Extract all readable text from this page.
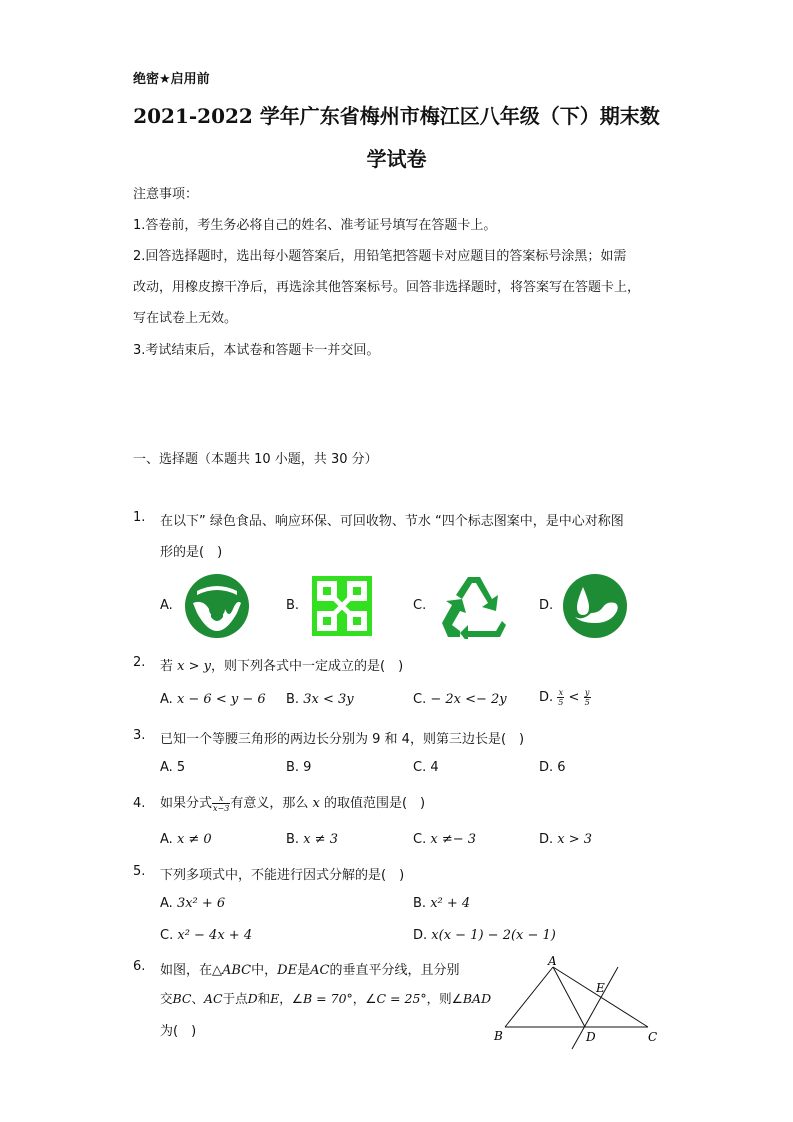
绝密★启用前
2021-2022 学年广东省梅州市梅江区八年级（下）期末数
学试卷
注意事项：
1.答卷前，考生务必将自己的姓名、准考证号填写在答题卡上。
2.回答选择题时，选出每小题答案后，用铅笔把答题卡对应题目的答案标号涂黑；如需
改动，用橡皮擦干净后，再选涂其他答案标号。回答非选择题时，将答案写在答题卡上，
写在试卷上无效。
3.考试结束后，本试卷和答题卡一并交回。
一、选择题（本题共 10 小题，共 30 分）
1. 在以下” 绿色食品、响应环保、可回收物、节水 “四个标志图案中，是中心对称图
形的是(　)
A.	B.	C.	D.
2. 若 x > y，则下列各式中一定成立的是(　)
A. x − 6 < y − 6 B. 3x < 3y	C. − 2x <− 2y D. $\frac{x}{5} < \frac{y}{5}$
3. 已知一个等腰三角形的两边长分别为 9 和 4，则第三边长是(　)
A. 5	B. 9	C. 4	D. 6
4. 如果分式 $\frac{x}{x-3}$ 有意义，那么 x 的取值范围是(　)
A. x ≠ 0	B. x ≠ 3	C. x ≠− 3	D. x > 3
5. 下列多项式中，不能进行因式分解的是(　)
A. 3x² + 6	B. x² + 4
C. x² − 4x + 4	D. x(x − 1) − 2(x − 1)
6. 如图，在△ABC中，DE是AC的垂直平分线，且分别
交BC、AC于点D和E，∠B = 70°，∠C = 25°，则∠BAD
为(　)
A
B	C
D
E
